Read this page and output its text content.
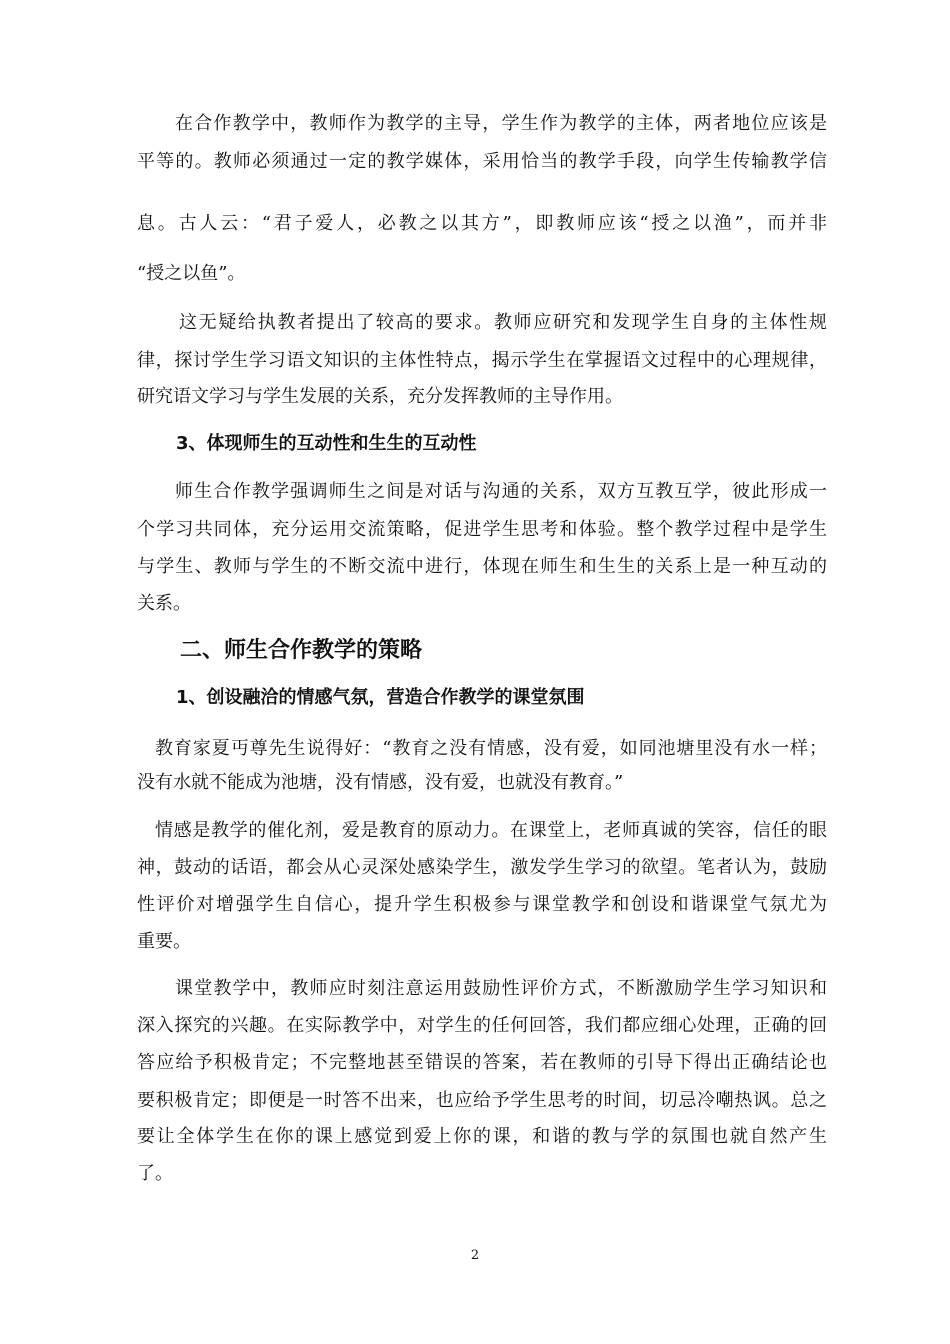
在合作教学中，教师作为教学的主导，学生作为教学的主体，两者地位应该是
平等的。教师必须通过一定的教学媒体，采用恰当的教学手段，向学生传输教学信
息。古人云：“君子爱人，必教之以其方”，即教师应该“授之以渔”，而并非
“授之以鱼”。
这无疑给执教者提出了较高的要求。教师应研究和发现学生自身的主体性规
律，探讨学生学习语文知识的主体性特点，揭示学生在掌握语文过程中的心理规律，
研究语文学习与学生发展的关系，充分发挥教师的主导作用。
3、体现师生的互动性和生生的互动性
师生合作教学强调师生之间是对话与沟通的关系，双方互教互学，彼此形成一
个学习共同体，充分运用交流策略，促进学生思考和体验。整个教学过程中是学生
与学生、教师与学生的不断交流中进行，体现在师生和生生的关系上是一种互动的
关系。
二、师生合作教学的策略
1、创设融洽的情感气氛，营造合作教学的课堂氛围
教育家夏丏尊先生说得好：“教育之没有情感，没有爱，如同池塘里没有水一样；
没有水就不能成为池塘，没有情感，没有爱，也就没有教育。”
情感是教学的催化剂，爱是教育的原动力。在课堂上，老师真诚的笑容，信任的眼
神，鼓动的话语，都会从心灵深处感染学生，激发学生学习的欲望。笔者认为，鼓励
性评价对增强学生自信心，提升学生积极参与课堂教学和创设和谐课堂气氛尤为
重要。
课堂教学中，教师应时刻注意运用鼓励性评价方式，不断激励学生学习知识和
深入探究的兴趣。在实际教学中，对学生的任何回答，我们都应细心处理，正确的回
答应给予积极肯定；不完整地甚至错误的答案，若在教师的引导下得出正确结论也
要积极肯定；即便是一时答不出来，也应给予学生思考的时间，切忌冷嘲热讽。总之
要让全体学生在你的课上感觉到爱上你的课，和谐的教与学的氛围也就自然产生
了。
2
